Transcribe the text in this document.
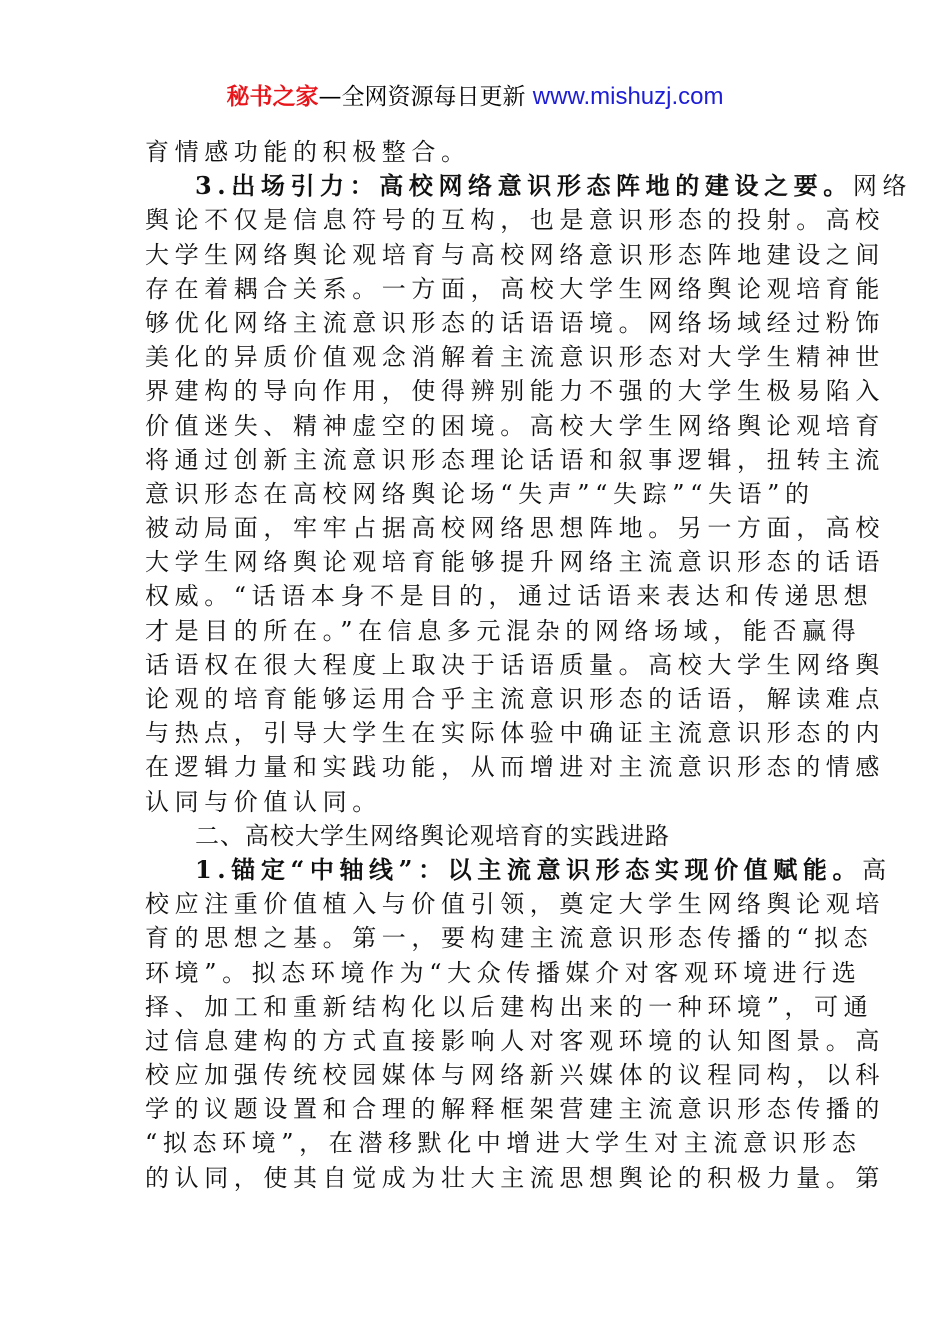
秘书之家—全网资源每日更新 www.mishuzj.com
育情感功能的积极整合。
3.出场引力：高校网络意识形态阵地的建设之要。网络
舆论不仅是信息符号的互构，也是意识形态的投射。高校
大学生网络舆论观培育与高校网络意识形态阵地建设之间
存在着耦合关系。一方面，高校大学生网络舆论观培育能
够优化网络主流意识形态的话语语境。网络场域经过粉饰
美化的异质价值观念消解着主流意识形态对大学生精神世
界建构的导向作用，使得辨别能力不强的大学生极易陷入
价值迷失、精神虚空的困境。高校大学生网络舆论观培育
将通过创新主流意识形态理论话语和叙事逻辑，扭转主流
意识形态在高校网络舆论场“失声”“失踪”“失语”的
被动局面，牢牢占据高校网络思想阵地。另一方面，高校
大学生网络舆论观培育能够提升网络主流意识形态的话语
权威。“话语本身不是目的，通过话语来表达和传递思想
才是目的所在。”在信息多元混杂的网络场域，能否赢得
话语权在很大程度上取决于话语质量。高校大学生网络舆
论观的培育能够运用合乎主流意识形态的话语，解读难点
与热点，引导大学生在实际体验中确证主流意识形态的内
在逻辑力量和实践功能，从而增进对主流意识形态的情感
认同与价值认同。
二、高校大学生网络舆论观培育的实践进路
1.锚定“中轴线”：以主流意识形态实现价值赋能。高
校应注重价值植入与价值引领，奠定大学生网络舆论观培
育的思想之基。第一，要构建主流意识形态传播的“拟态
环境”。拟态环境作为“大众传播媒介对客观环境进行选
择、加工和重新结构化以后建构出来的一种环境”，可通
过信息建构的方式直接影响人对客观环境的认知图景。高
校应加强传统校园媒体与网络新兴媒体的议程同构，以科
学的议题设置和合理的解释框架营建主流意识形态传播的
“拟态环境”，在潜移默化中增进大学生对主流意识形态
的认同，使其自觉成为壮大主流思想舆论的积极力量。第
